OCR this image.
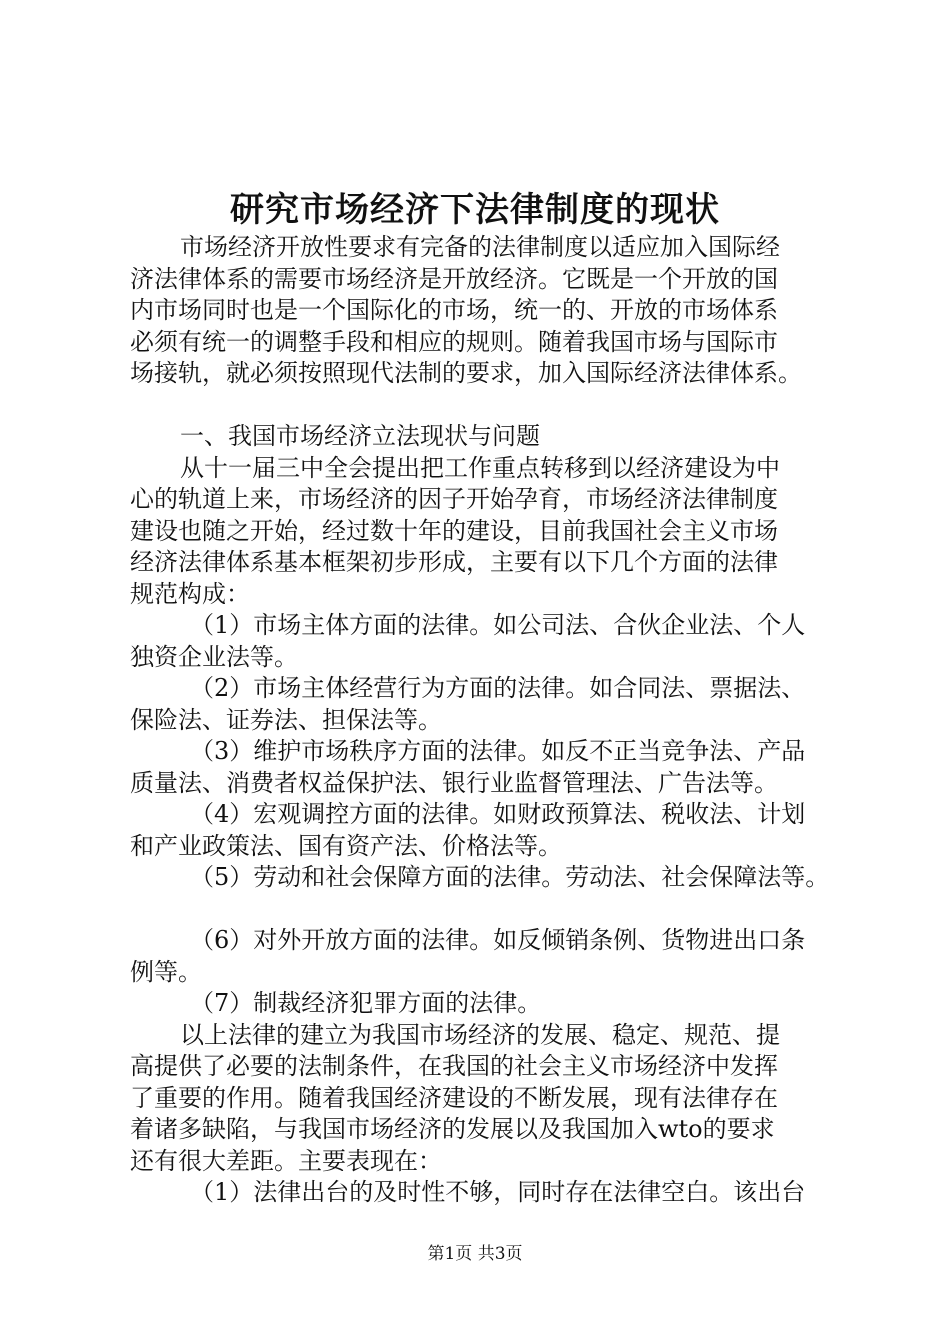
研究市场经济下法律制度的现状
市场经济开放性要求有完备的法律制度以适应加入国际经
济法律体系的需要市场经济是开放经济。它既是一个开放的国
内市场同时也是一个国际化的市场，统一的、开放的市场体系
必须有统一的调整手段和相应的规则。随着我国市场与国际市
场接轨，就必须按照现代法制的要求，加入国际经济法律体系。
一、我国市场经济立法现状与问题
从十一届三中全会提出把工作重点转移到以经济建设为中
心的轨道上来，市场经济的因子开始孕育，市场经济法律制度
建设也随之开始，经过数十年的建设，目前我国社会主义市场
经济法律体系基本框架初步形成，主要有以下几个方面的法律
规范构成：
（1）市场主体方面的法律。如公司法、合伙企业法、个人
独资企业法等。
（2）市场主体经营行为方面的法律。如合同法、票据法、
保险法、证券法、担保法等。
（3）维护市场秩序方面的法律。如反不正当竞争法、产品
质量法、消费者权益保护法、银行业监督管理法、广告法等。
（4）宏观调控方面的法律。如财政预算法、税收法、计划
和产业政策法、国有资产法、价格法等。
（5）劳动和社会保障方面的法律。劳动法、社会保障法等。
（6）对外开放方面的法律。如反倾销条例、货物进出口条
例等。
（7）制裁经济犯罪方面的法律。
以上法律的建立为我国市场经济的发展、稳定、规范、提
高提供了必要的法制条件，在我国的社会主义市场经济中发挥
了重要的作用。随着我国经济建设的不断发展，现有法律存在
着诸多缺陷，与我国市场经济的发展以及我国加入wto的要求
还有很大差距。主要表现在：
（1）法律出台的及时性不够，同时存在法律空白。该出台
第1页 共3页
